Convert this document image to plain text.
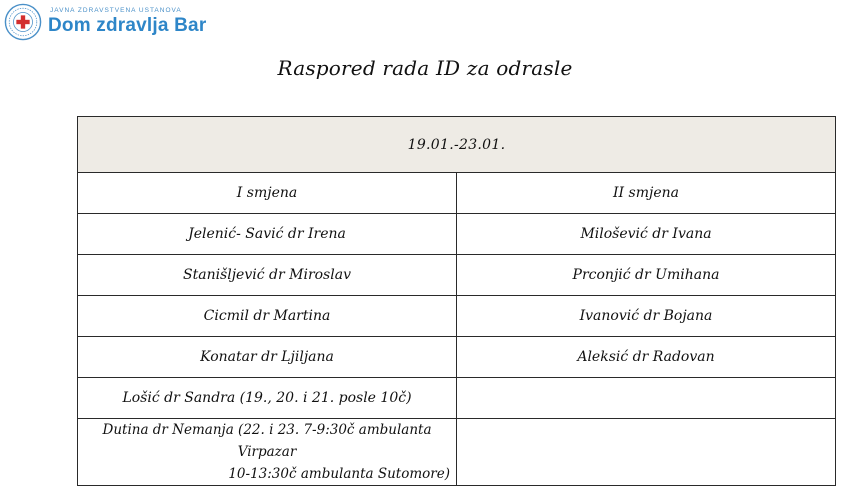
JAVNA ZDRAVSTVENA USTANOVA
Dom zdravlja Bar
Raspored rada ID za odrasle
19.01.-23.01.	
I smjena	II smjena
Jelenić- Savić dr Irena	Milošević dr Ivana
Stanišljević dr Miroslav	Prconjić dr Umihana
Cicmil dr Martina	Ivanović dr Bojana
Konatar dr Ljiljana	Aleksić dr Radovan
Lošić dr Sandra (19., 20. i 21. posle 10č)	

Dutina dr Nemanja (22. i 23. 7-9:30č ambulanta Virpazar
10-13:30č ambulanta Sutomore)	
